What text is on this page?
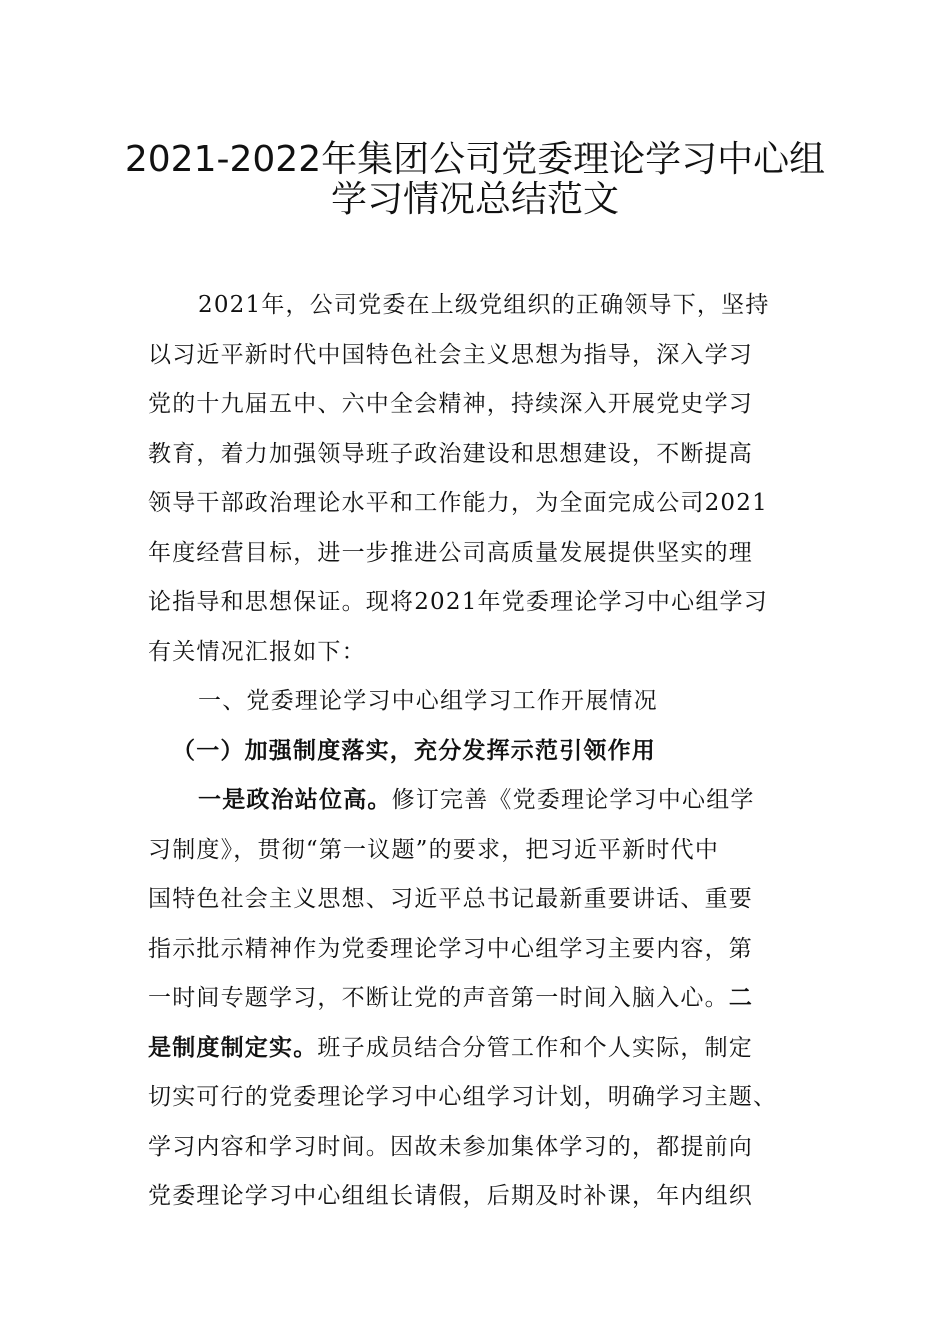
2021-2022年集团公司党委理论学习中心组
学习情况总结范文
2021年，公司党委在上级党组织的正确领导下，坚持
以习近平新时代中国特色社会主义思想为指导，深入学习
党的十九届五中、六中全会精神，持续深入开展党史学习
教育，着力加强领导班子政治建设和思想建设，不断提高
领导干部政治理论水平和工作能力，为全面完成公司2021
年度经营目标，进一步推进公司高质量发展提供坚实的理
论指导和思想保证。现将2021年党委理论学习中心组学习
有关情况汇报如下：
一、党委理论学习中心组学习工作开展情况
（一）加强制度落实，充分发挥示范引领作用
一是政治站位高。修订完善《党委理论学习中心组学
习制度》，贯彻“第一议题”的要求，把习近平新时代中
国特色社会主义思想、习近平总书记最新重要讲话、重要
指示批示精神作为党委理论学习中心组学习主要内容，第
一时间专题学习，不断让党的声音第一时间入脑入心。二
是制度制定实。班子成员结合分管工作和个人实际，制定
切实可行的党委理论学习中心组学习计划，明确学习主题、
学习内容和学习时间。因故未参加集体学习的，都提前向
党委理论学习中心组组长请假，后期及时补课，年内组织
